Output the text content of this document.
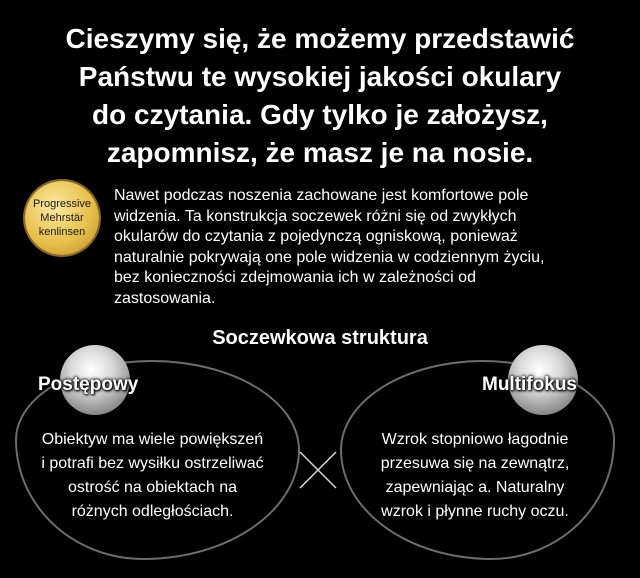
Cieszymy się, że możemy przedstawić
Państwu te wysokiej jakości okulary
do czytania. Gdy tylko je założysz,
zapomnisz, że masz je na nosie.
Progressive
Mehrstär
kenlinsen

Nawet podczas noszenia zachowane jest komfortowe pole
widzenia. Ta konstrukcja soczewek różni się od zwykłych
okularów do czytania z pojedynczą ogniskową, ponieważ
naturalnie pokrywają one pole widzenia w codziennym życiu,
bez konieczności zdejmowania ich w zależności od
zastosowania.

Soczewkowa struktura
Postępowy	Multifokus

Obiektyw ma wiele powiększeń
i potrafi bez wysiłku ostrzeliwać
ostrość na obiektach na
różnych odległościach.

Wzrok stopniowo łagodnie
przesuwa się na zewnątrz,
zapewniając a. Naturalny
wzrok i płynne ruchy oczu.
